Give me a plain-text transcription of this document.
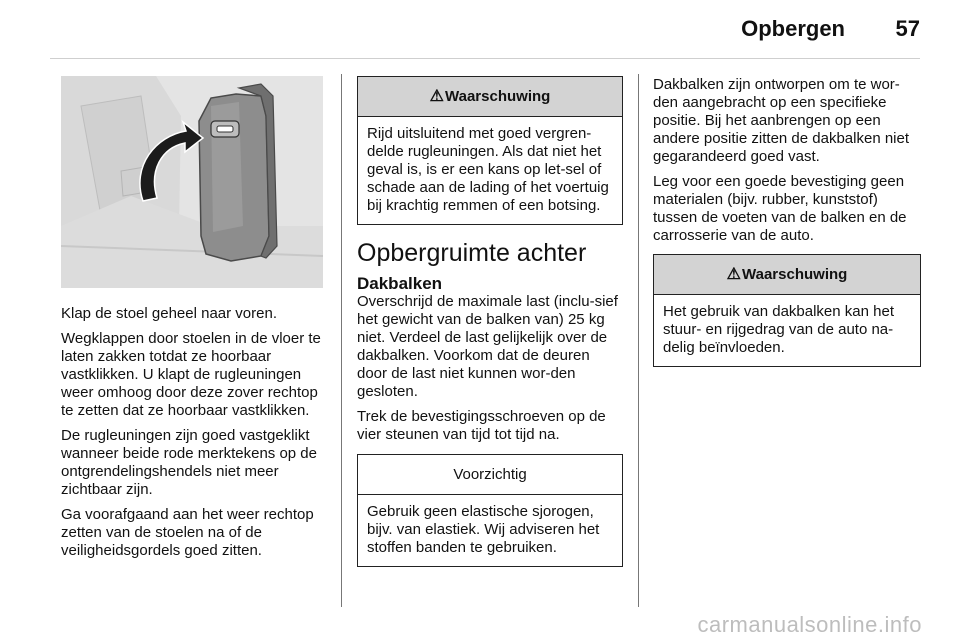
Opbergen 57

Klap de stoel geheel naar voren.

Wegklappen door stoelen in de vloer te laten zakken totdat ze hoorbaar vastklikken. U klapt de rugleuningen weer omhoog door deze zover rechtop te zetten dat ze hoorbaar vastklikken.

De rugleuningen zijn goed vastgeklikt wanneer beide rode merktekens op de ontgrendelingshendels niet meer zichtbaar zijn.

Ga voorafgaand aan het weer rechtop zetten van de stoelen na of de veiligheidsgordels goed zitten.

⚠Waarschuwing
Rijd uitsluitend met goed vergren-delde rugleuningen. Als dat niet het geval is, is er een kans op let-sel of schade aan de lading of het voertuig bij krachtig remmen of een botsing.
Opbergruimte achter
Dakbalken

Overschrijd de maximale last (inclu-sief het gewicht van de balken van) 25 kg niet. Verdeel de last gelijkelijk over de dakbalken. Voorkom dat de deuren door de last niet kunnen wor-den gesloten.

Trek de bevestigingsschroeven op de vier steunen van tijd tot tijd na.

Voorzichtig
Gebruik geen elastische sjorogen, bijv. van elastiek. Wij adviseren het stoffen banden te gebruiken.

Dakbalken zijn ontworpen om te wor-den aangebracht op een specifieke positie. Bij het aanbrengen op een andere positie zitten de dakbalken niet gegarandeerd goed vast.

Leg voor een goede bevestiging geen materialen (bijv. rubber, kunststof) tussen de voeten van de balken en de carrosserie van de auto.

⚠Waarschuwing
Het gebruik van dakbalken kan het stuur- en rijgedrag van de auto na-delig beïnvloeden.
carmanualsonline.info
